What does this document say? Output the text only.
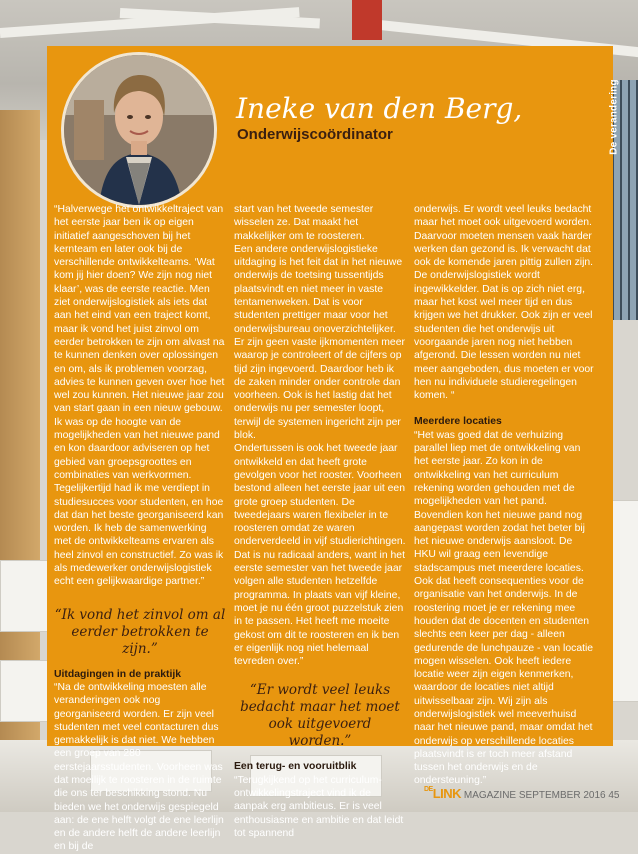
De verandering
Ineke van den Berg,
Onderwijscoördinator

“Halverwege het ontwikkeltraject van het eerste jaar ben ik op eigen initiatief aangeschoven bij het kernteam en later ook bij de verschillende ontwikkelteams. ‘Wat kom jij hier doen? We zijn nog niet klaar’, was de eerste reactie. Men ziet onderwijslogistiek als iets dat aan het eind van een traject komt, maar ik vond het juist zinvol om eerder betrokken te zijn om alvast na te kunnen denken over oplossingen en om, als ik problemen voorzag, advies te kunnen geven over hoe het wel zou kunnen. Het nieuwe jaar zou van start gaan in een nieuw gebouw. Ik was op de hoogte van de mogelijkheden van het nieuwe pand en kon daardoor adviseren op het gebied van groepsgroottes en combinaties van werkvormen. Tegelijkertijd had ik me verdiept in studiesucces voor studenten, en hoe dat dan het beste georganiseerd kan worden. Ik heb de samenwerking met de ontwikkelteams ervaren als heel zinvol en constructief. Zo was ik als medewerker onderwijslogistiek echt een gelijkwaardige partner.”

“Ik vond het zinvol om al eerder betrokken te zijn.”

Uitdagingen in de praktijk

“Na de ontwikkeling moesten alle veranderingen ook nog georganiseerd worden. Er zijn veel studenten met veel contacturen dus gemakkelijk is dat niet. We hebben een groep van 280 eerstejaarsstudenten. Voorheen was dat moeilijk te roosteren in de ruimte die ons ter beschikking stond. Nu bieden we het onderwijs gespiegeld aan: de ene helft volgt de ene leerlijn en de andere helft de andere leerlijn en bij de

start van het tweede semester wisselen ze. Dat maakt het makkelijker om te roosteren.

Een andere onderwijslogistieke uitdaging is het feit dat in het nieuwe onderwijs de toetsing tussentijds plaatsvindt en niet meer in vaste tentamenweken. Dat is voor studenten prettiger maar voor het onderwijsbureau onoverzichtelijker. Er zijn geen vaste ijkmomenten meer waarop je controleert of de cijfers op tijd zijn ingevoerd. Daardoor heb ik de zaken minder onder controle dan voorheen. Ook is het lastig dat het onderwijs nu per semester loopt, terwijl de systemen ingericht zijn per blok.

Ondertussen is ook het tweede jaar ontwikkeld en dat heeft grote gevolgen voor het rooster. Voorheen bestond alleen het eerste jaar uit een grote groep studenten. De tweedejaars waren flexibeler in te roosteren omdat ze waren onderverdeeld in vijf studierichtingen. Dat is nu radicaal anders, want in het eerste semester van het tweede jaar volgen alle studenten hetzelfde programma. In plaats van vijf kleine, moet je nu één groot puzzelstuk zien in te passen. Het heeft me moeite gekost om dit te roosteren en ik ben er eigenlijk nog niet helemaal tevreden over.”

“Er wordt veel leuks bedacht maar het moet ook uitgevoerd worden.”

Een terug- en vooruitblik

“Terugkijkend op het curriculum-ontwikkelingstraject vind ik de aanpak erg ambitieus. Er is veel enthousiasme en ambitie en dat leidt tot spannend

onderwijs. Er wordt veel leuks bedacht maar het moet ook uitgevoerd worden. Daarvoor moeten mensen vaak harder werken dan gezond is. Ik verwacht dat ook de komende jaren pittig zullen zijn. De onderwijslogistiek wordt ingewikkelder. Dat is op zich niet erg, maar het kost wel meer tijd en dus krijgen we het drukker. Ook zijn er veel studenten die het onderwijs uit voorgaande jaren nog niet hebben afgerond. Die lessen worden nu niet meer aangeboden, dus moeten er voor hen nu individuele studieregelingen komen. “

Meerdere locaties

“Het was goed dat de verhuizing parallel liep met de ontwikkeling van het eerste jaar. Zo kon in de ontwikkeling van het curriculum rekening worden gehouden met de mogelijkheden van het pand. Bovendien kon het nieuwe pand nog aangepast worden zodat het beter bij het nieuwe onderwijs aansloot. De HKU wil graag een levendige stadscampus met meerdere locaties. Ook dat heeft consequenties voor de organisatie van het onderwijs. In de roostering moet je er rekening mee houden dat de docenten en studenten slechts een keer per dag - alleen gedurende de lunchpauze - van locatie mogen wisselen. Ook heeft iedere locatie weer zijn eigen kenmerken, waardoor de locaties niet altijd uitwisselbaar zijn. Wij zijn als onderwijslogistiek wel meeverhuisd naar het nieuwe pand, maar omdat het onderwijs op verschillende locaties plaatsvindt is er toch meer afstand tussen het onderwijs en de ondersteuning.”

$^{DE}$LINK MAGAZINE SEPTEMBER 2016 45
